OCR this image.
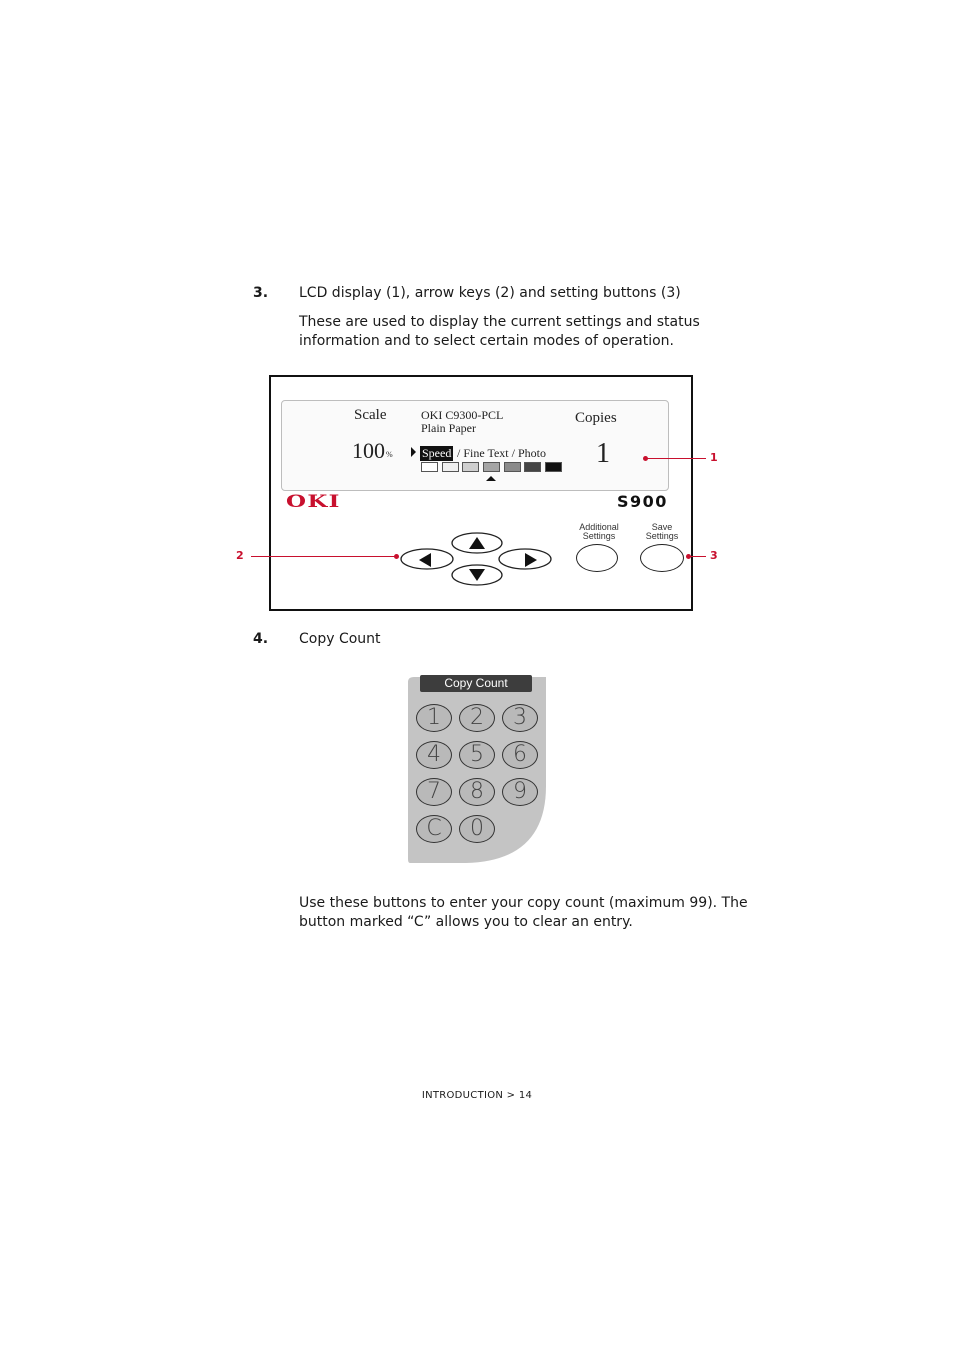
3. LCD display (1), arrow keys (2) and setting buttons (3)
These are used to display the current settings and status
information and to select certain modes of operation.
Scale
100 %
OKI C9300-PCL
Plain Paper
Speed / Fine Text / Photo
Copies
1
OKI	S900
Additional
Settings
Save
Settings
1
2	3
4. Copy Count
Copy Count
1	2	3
4	5	6
7	8	9
C	0
Use these buttons to enter your copy count (maximum 99). The
button marked “C” allows you to clear an entry.
INTRODUCTION > 14
